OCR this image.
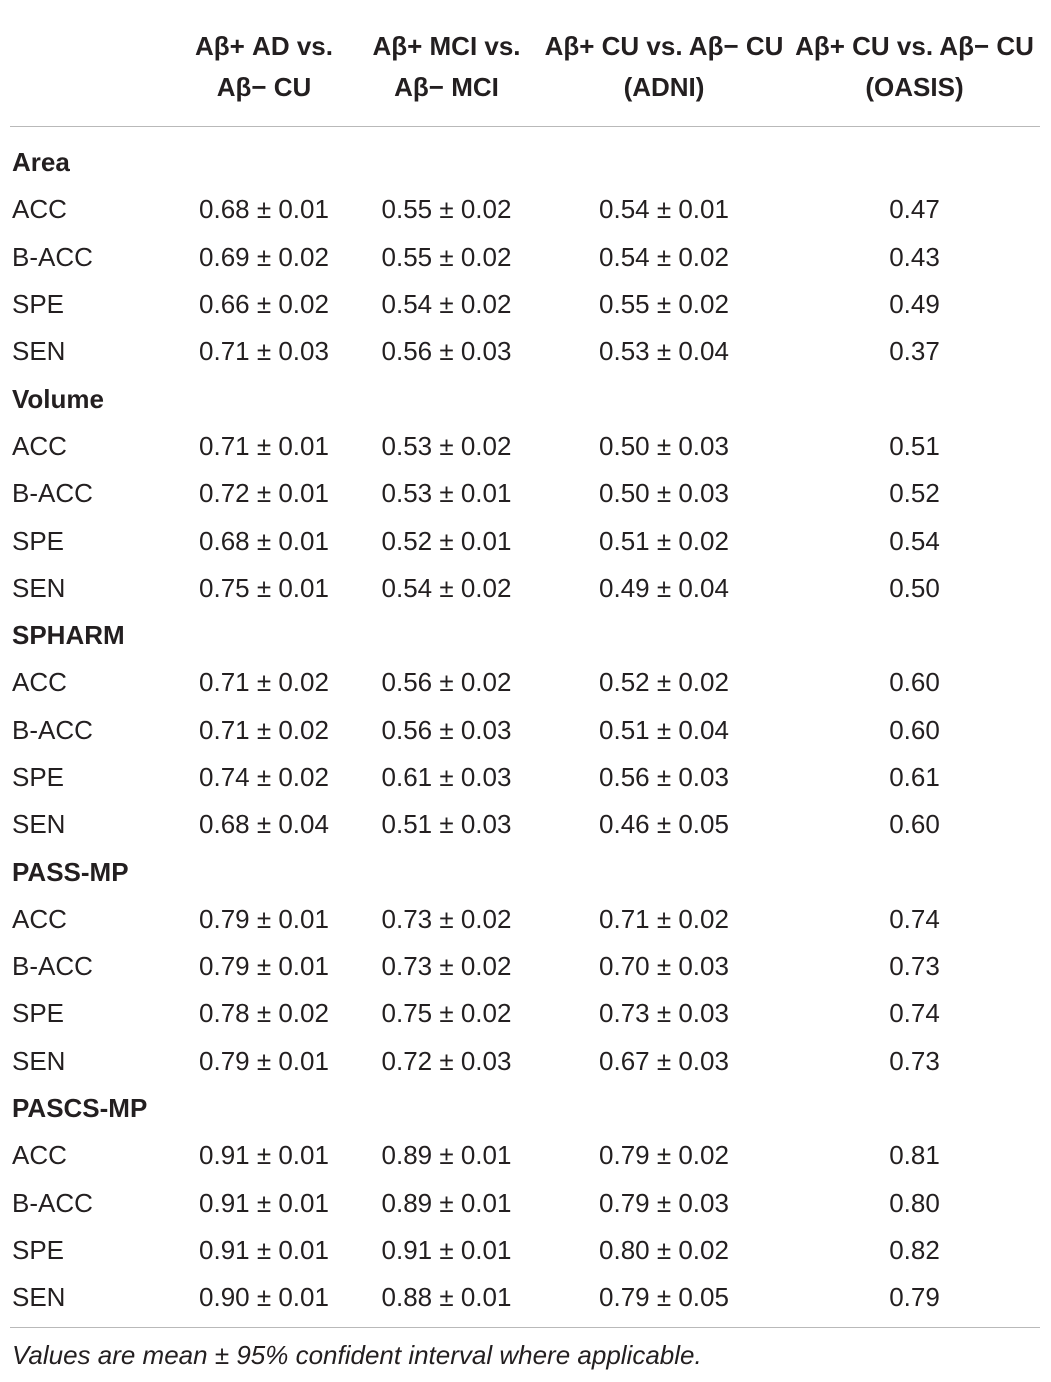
	Aβ+ AD vs. Aβ− CU	Aβ+ MCI vs. Aβ− MCI	Aβ+ CU vs. Aβ− CU (ADNI)	Aβ+ CU vs. Aβ− CU (OASIS)
Area				
ACC	0.68 ± 0.01	0.55 ± 0.02	0.54 ± 0.01	0.47
B-ACC	0.69 ± 0.02	0.55 ± 0.02	0.54 ± 0.02	0.43
SPE	0.66 ± 0.02	0.54 ± 0.02	0.55 ± 0.02	0.49
SEN	0.71 ± 0.03	0.56 ± 0.03	0.53 ± 0.04	0.37
Volume				
ACC	0.71 ± 0.01	0.53 ± 0.02	0.50 ± 0.03	0.51
B-ACC	0.72 ± 0.01	0.53 ± 0.01	0.50 ± 0.03	0.52
SPE	0.68 ± 0.01	0.52 ± 0.01	0.51 ± 0.02	0.54
SEN	0.75 ± 0.01	0.54 ± 0.02	0.49 ± 0.04	0.50
SPHARM				
ACC	0.71 ± 0.02	0.56 ± 0.02	0.52 ± 0.02	0.60
B-ACC	0.71 ± 0.02	0.56 ± 0.03	0.51 ± 0.04	0.60
SPE	0.74 ± 0.02	0.61 ± 0.03	0.56 ± 0.03	0.61
SEN	0.68 ± 0.04	0.51 ± 0.03	0.46 ± 0.05	0.60
PASS-MP				
ACC	0.79 ± 0.01	0.73 ± 0.02	0.71 ± 0.02	0.74
B-ACC	0.79 ± 0.01	0.73 ± 0.02	0.70 ± 0.03	0.73
SPE	0.78 ± 0.02	0.75 ± 0.02	0.73 ± 0.03	0.74
SEN	0.79 ± 0.01	0.72 ± 0.03	0.67 ± 0.03	0.73
PASCS-MP				
ACC	0.91 ± 0.01	0.89 ± 0.01	0.79 ± 0.02	0.81
B-ACC	0.91 ± 0.01	0.89 ± 0.01	0.79 ± 0.03	0.80
SPE	0.91 ± 0.01	0.91 ± 0.01	0.80 ± 0.02	0.82
SEN	0.90 ± 0.01	0.88 ± 0.01	0.79 ± 0.05	0.79
Values are mean ± 95% confident interval where applicable.
